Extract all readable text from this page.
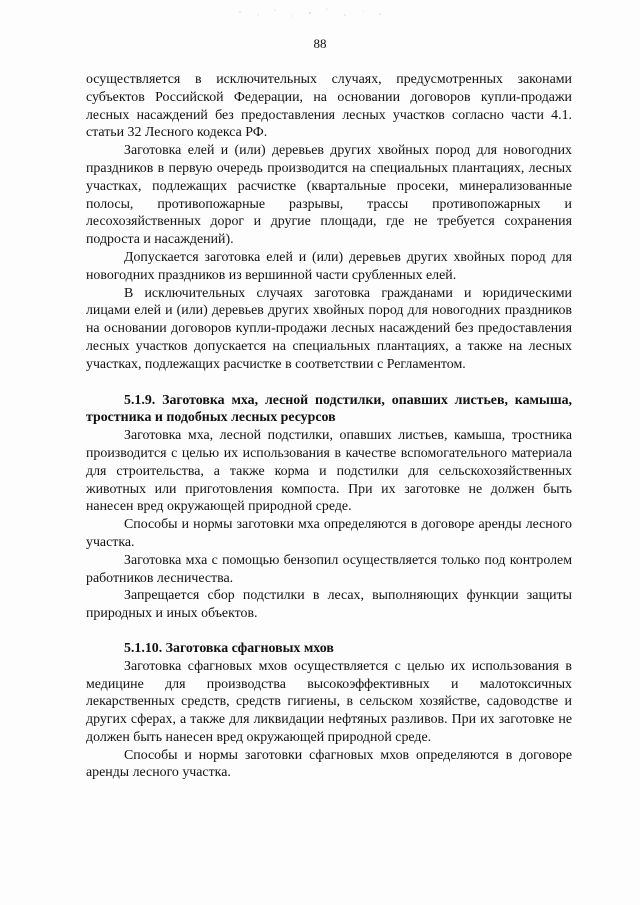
88

осуществляется в исключительных случаях, предусмотренных законами субъектов Российской Федерации, на основании договоров купли-продажи лесных насаждений без предоставления лесных участков согласно части 4.1. статьи 32 Лесного кодекса РФ.

Заготовка елей и (или) деревьев других хвойных пород для новогодних праздников в первую очередь производится на специальных плантациях, лесных участках, подлежащих расчистке (квартальные просеки, минерализованные полосы, противопожарные разрывы, трассы противопожарных и лесохозяйственных дорог и другие площади, где не требуется сохранения подроста и насаждений).

Допускается заготовка елей и (или) деревьев других хвойных пород для новогодних праздников из вершинной части срубленных елей.

В исключительных случаях заготовка гражданами и юридическими лицами елей и (или) деревьев других хвойных пород для новогодних праздников на основании договоров купли-продажи лесных насаждений без предоставления лесных участков допускается на специальных плантациях, а также на лесных участках, подлежащих расчистке в соответствии с Регламентом.

5.1.9. Заготовка мха, лесной подстилки, опавших листьев, камыша, тростника и подобных лесных ресурсов

Заготовка мха, лесной подстилки, опавших листьев, камыша, тростника производится с целью их использования в качестве вспомогательного материала для строительства, а также корма и подстилки для сельскохозяйственных животных или приготовления компоста. При их заготовке не должен быть нанесен вред окружающей природной среде.

Способы и нормы заготовки мха определяются в договоре аренды лесного участка.

Заготовка мха с помощью бензопил осуществляется только под контролем работников лесничества.

Запрещается сбор подстилки в лесах, выполняющих функции защиты природных и иных объектов.

5.1.10. Заготовка сфагновых мхов

Заготовка сфагновых мхов осуществляется с целью их использования в медицине для производства высокоэффективных и малотоксичных лекарственных средств, средств гигиены, в сельском хозяйстве, садоводстве и других сферах, а также для ликвидации нефтяных разливов. При их заготовке не должен быть нанесен вред окружающей природной среде.

Способы и нормы заготовки сфагновых мхов определяются в договоре аренды лесного участка.
